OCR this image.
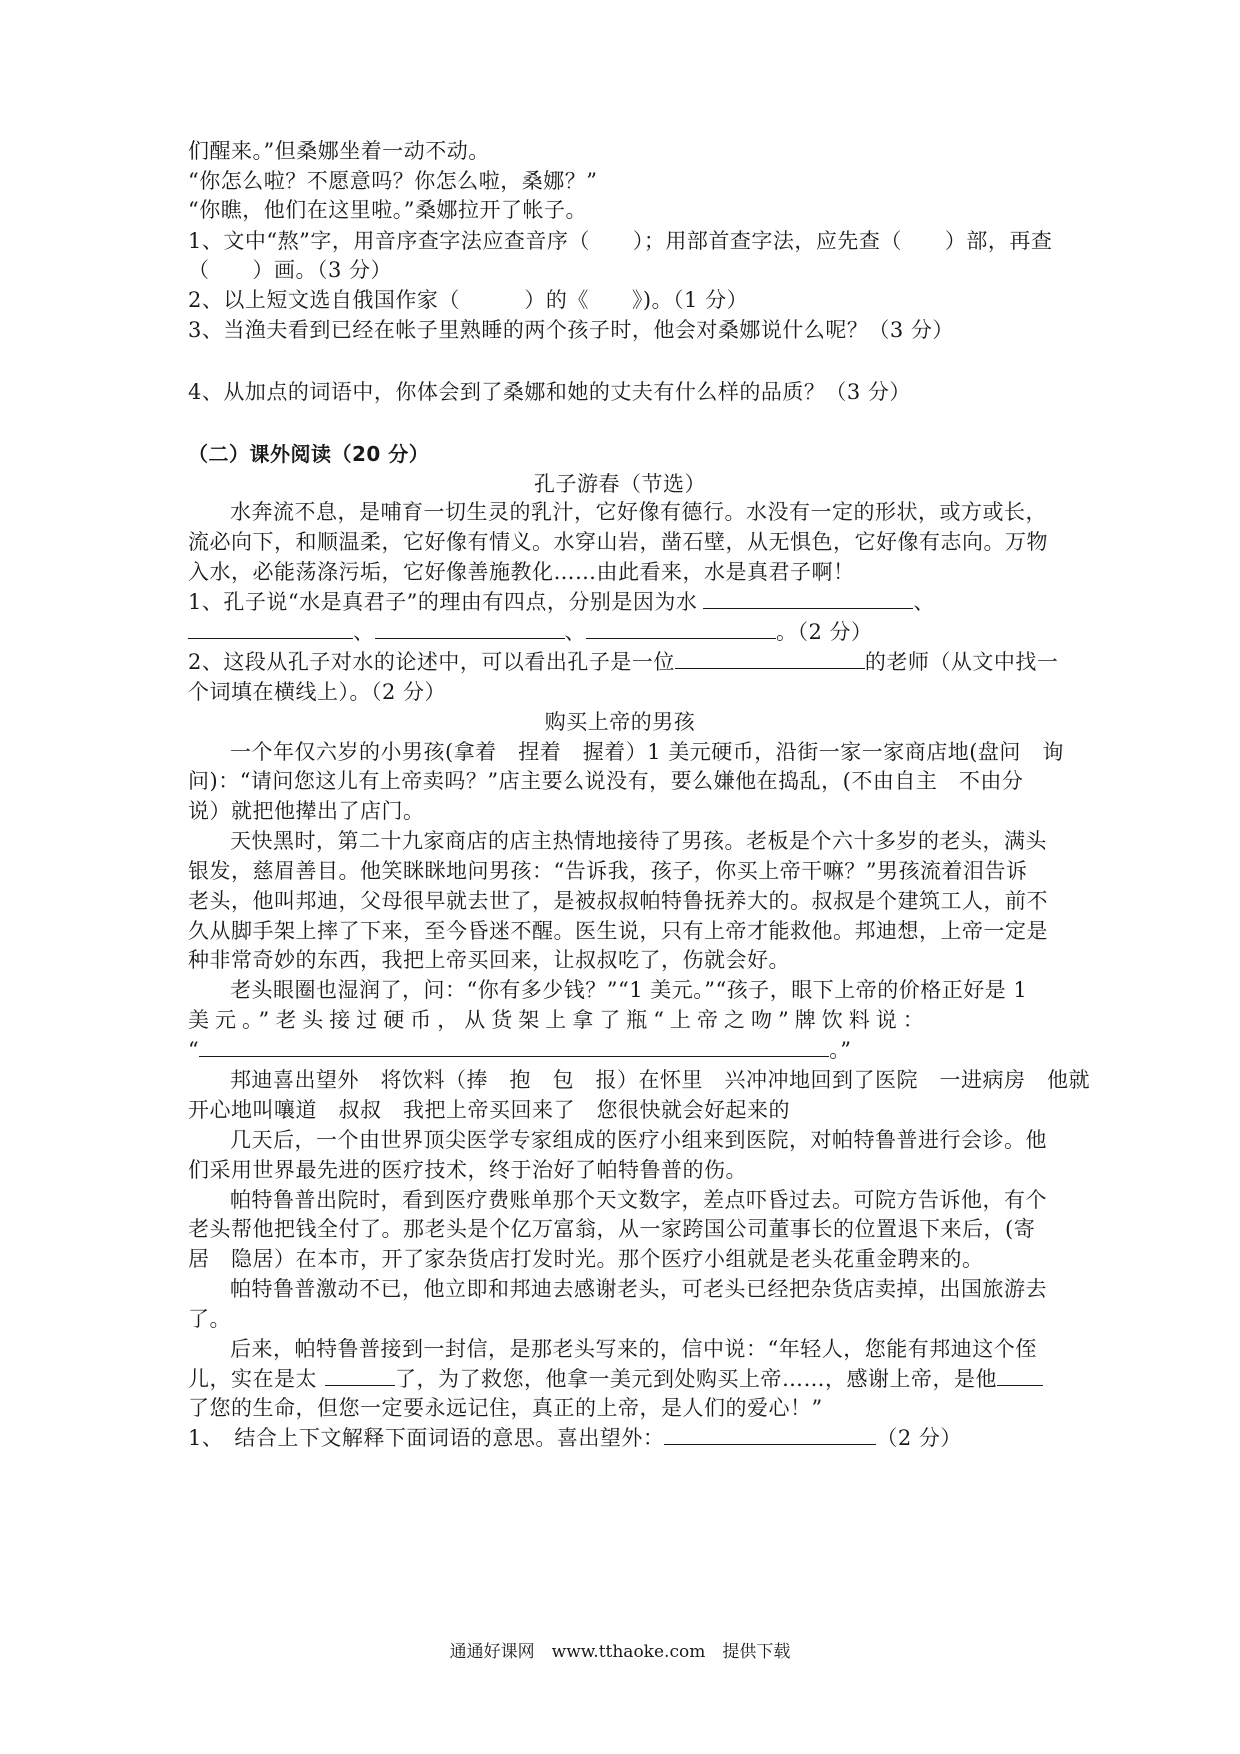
们醒来。”但桑娜坐着一动不动。
“你怎么啦？不愿意吗？你怎么啦，桑娜？”
“你瞧，他们在这里啦。”桑娜拉开了帐子。
1、文中“熬”字，用音序查字法应查音序（　　）；用部首查字法，应先查（　　）部，再查
（　　）画。（3 分）
2、以上短文选自俄国作家（　　　）的《　　》)。（1 分）
3、当渔夫看到已经在帐子里熟睡的两个孩子时，他会对桑娜说什么呢？（3 分）
4、从加点的词语中，你体会到了桑娜和她的丈夫有什么样的品质？（3 分）
（二）课外阅读（20 分）
孔子游春（节选）
水奔流不息，是哺育一切生灵的乳汁，它好像有德行。水没有一定的形状，或方或长，
流必向下，和顺温柔，它好像有情义。水穿山岩，凿石壁，从无惧色，它好像有志向。万物
入水，必能荡涤污垢，它好像善施教化……由此看来，水是真君子啊！
1、孔子说“水是真君子”的理由有四点，分别是因为水	、
、	、	。（2 分）
2、这段从孔子对水的论述中，可以看出孔子是一位	的老师（从文中找一
个词填在横线上）。（2 分）
购买上帝的男孩
一个年仅六岁的小男孩(拿着　捏着　握着）1 美元硬币，沿街一家一家商店地(盘问　询
问)：“请问您这儿有上帝卖吗？”店主要么说没有，要么嫌他在捣乱，(不由自主　不由分
说）就把他撵出了店门。
天快黑时，第二十九家商店的店主热情地接待了男孩。老板是个六十多岁的老头，满头
银发，慈眉善目。他笑眯眯地问男孩：“告诉我，孩子，你买上帝干嘛？”男孩流着泪告诉
老头，他叫邦迪，父母很早就去世了，是被叔叔帕特鲁抚养大的。叔叔是个建筑工人，前不
久从脚手架上摔了下来，至今昏迷不醒。医生说，只有上帝才能救他。邦迪想，上帝一定是
种非常奇妙的东西，我把上帝买回来，让叔叔吃了，伤就会好。
老头眼圈也湿润了，问：“你有多少钱？”“1 美元。”“孩子，眼下上帝的价格正好是 1
美元。”老头接过硬币，从货架上拿了瓶“上帝之吻”牌饮料说：
“	。”
邦迪喜出望外　将饮料（捧　抱　包　报）在怀里　兴冲冲地回到了医院　一进病房　他就
开心地叫嚷道　叔叔　我把上帝买回来了　您很快就会好起来的
几天后，一个由世界顶尖医学专家组成的医疗小组来到医院，对帕特鲁普进行会诊。他
们采用世界最先进的医疗技术，终于治好了帕特鲁普的伤。
帕特鲁普出院时，看到医疗费账单那个天文数字，差点吓昏过去。可院方告诉他，有个
老头帮他把钱全付了。那老头是个亿万富翁，从一家跨国公司董事长的位置退下来后，(寄
居　隐居）在本市，开了家杂货店打发时光。那个医疗小组就是老头花重金聘来的。
帕特鲁普激动不已，他立即和邦迪去感谢老头，可老头已经把杂货店卖掉，出国旅游去
了。
后来，帕特鲁普接到一封信，是那老头写来的，信中说：“年轻人，您能有邦迪这个侄
儿，实在是太	了，为了救您，他拿一美元到处购买上帝……，感谢上帝，是他
了您的生命，但您一定要永远记住，真正的上帝，是人们的爱心！”
1、　结合上下文解释下面词语的意思。喜出望外：	（2 分）
通通好课网　www.tthaoke.com　提供下载
